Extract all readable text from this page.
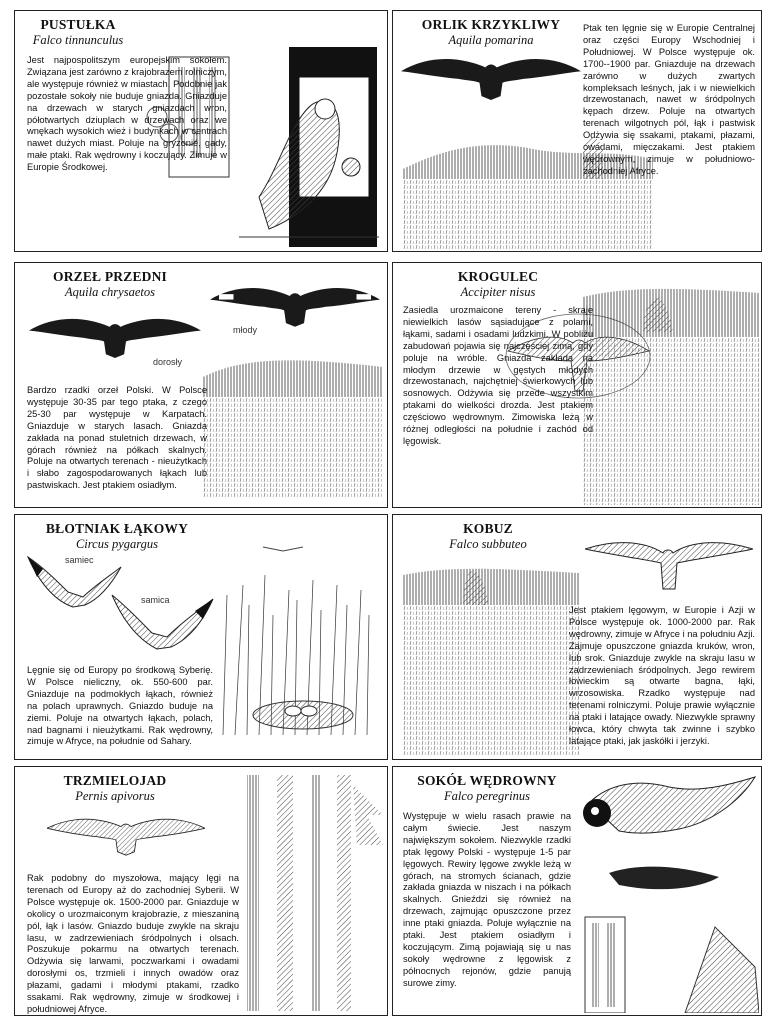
PUSTUŁKA
Falco tinnunculus
Jest najpospolitszym europejskim sokołem. Związana jest zarówno z krajobrazem rolniczym, ale występuje również w miastach. Podobnie jak pozostałe sokoły nie buduje gniazda. Gniazduje na drzewach w starych gniazdach wron, półotwartych dziuplach w drzewach oraz we wnękach wysokich wież i budynkach w centrach nawet dużych miast. Poluje na gryzonie, gady, małe ptaki. Rak wędrowny i koczujący. Zimuje w Europie Środkowej.
ORLIK KRZYKLIWY
Aquila pomarina
Ptak ten lęgnie się w Europie Centralnej oraz części Europy Wschodniej i Południowej. W Polsce występuje ok. 1700--1900 par. Gniazduje na drzewach zarówno w dużych zwartych kompleksach leśnych, jak i w niewielkich drzewostanach, nawet w śródpolnych kępach drzew. Poluje na otwartych terenach wilgotnych pól, łąk i pastwisk Odżywia się ssakami, ptakami, płazami, owadami, mięczakami. Jest ptakiem wędrownym, zimuje w południowo-zachodniej Afryce.
ORZEŁ PRZEDNI
Aquila chrysaetos
młody
dorosły
Bardzo rzadki orzeł Polski. W Polsce występuje 30-35 par tego ptaka, z czego 25-30 par występuje w Karpatach. Gniazduje w starych lasach. Gniazda zakłada na ponad stuletnich drzewach, w górach również na półkach skalnych. Poluje na otwartych terenach - nieużytkach i słabo zagospodarowanych łąkach lub pastwiskach. Jest ptakiem osiadłym.
KROGULEC
Accipiter nisus
Zasiedla urozmaicone tereny - skraje niewielkich lasów sąsiadujące z polami, łąkami, sadami i osadami ludzkimi. W pobliżu zabudowań pojawia się najczęściej zimą, gdy poluje na wróble. Gniazda zakłada na młodym drzewie w gęstych młodych drzewostanach, najchętniej świerkowych lub sosnowych. Odżywia się przede wszystkim ptakami do wielkości drozda. Jest ptakiem częściowo wędrownym. Zimowiska leżą w różnej odległości na południe i zachód od lęgowisk.
BŁOTNIAK ŁĄKOWY
Circus pygargus
samiec
samica
Lęgnie się od Europy po środkową Syberię. W Polsce nieliczny, ok. 550-600 par. Gniazduje na podmokłych łąkach, również na polach uprawnych. Gniazdo buduje na ziemi. Poluje na otwartych łąkach, polach, nad bagnami i nieużytkami. Rak wędrowny, zimuje w Afryce, na południe od Sahary.
KOBUZ
Falco subbuteo
Jest ptakiem lęgowym, w Europie i Azji w Polsce występuje ok. 1000-2000 par. Rak wędrowny, zimuje w Afryce i na południu Azji. Zajmuje opuszczone gniazda kruków, wron, lub srok. Gniazduje zwykle na skraju lasu w zadrzewieniach śródpolnych. Jego rewirem łowieckim są otwarte bagna, łąki, wrzosowiska. Rzadko występuje nad terenami rolniczymi. Poluje prawie wyłącznie na ptaki i latające owady. Niezwykle sprawny łowca, który chwyta tak zwinne i szybko latające ptaki, jak jaskółki i jerzyki.
TRZMIELOJAD
Pernis apivorus
Rak podobny do myszołowa, mający lęgi na terenach od Europy aż do zachodniej Syberii. W Polsce występuje ok. 1500-2000 par. Gniazduje w okolicy o urozmaiconym krajobrazie, z mieszaniną pól, łąk i lasów. Gniazdo buduje zwykle na skraju lasu, w zadrzewieniach śródpolnych i olsach. Poszukuje pokarmu na otwartych terenach. Odżywia się larwami, poczwarkami i owadami dorosłymi os, trzmieli i innych owadów oraz płazami, gadami i młodymi ptakami, rzadko ssakami. Rak wędrowny, zimuje w środkowej i południowej Afryce.
SOKÓŁ WĘDROWNY
Falco peregrinus
Występuje w wielu rasach prawie na całym świecie. Jest naszym największym sokołem. Niezwykle rzadki ptak lęgowy Polski - występuje 1-5 par lęgowych. Rewiry lęgowe zwykle leżą w górach, na stromych ścianach, gdzie zakłada gniazda w niszach i na półkach skalnych. Gnieździ się również na drzewach, zajmując opuszczone przez inne ptaki gniazda. Poluje wyłącznie na ptaki. Jest ptakiem osiadłym i koczującym. Zimą pojawiają się u nas sokoły wędrowne z lęgowisk z północnych rejonów, gdzie panują surowe zimy.
